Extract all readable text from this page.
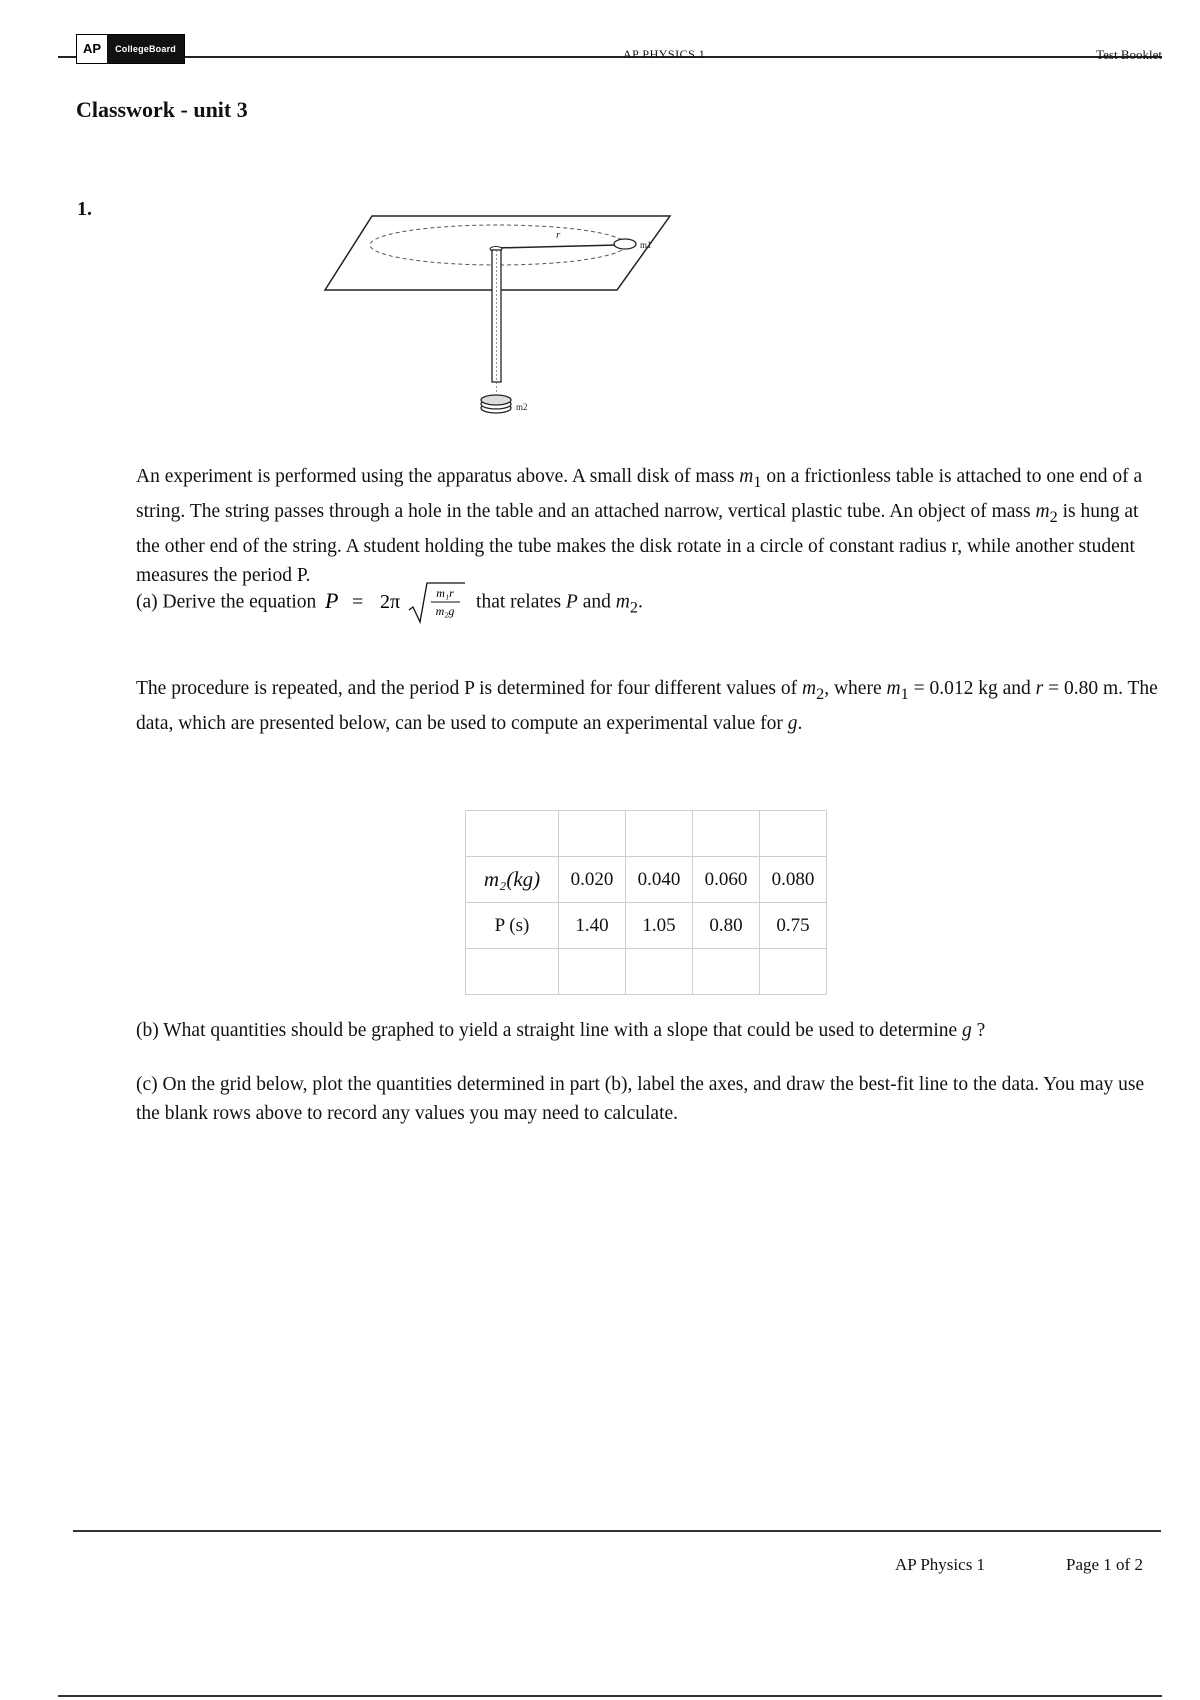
AP	CollegeBoard	AP PHYSICS 1	Test Booklet
Classwork - unit 3
1.
r
m1
m2

An experiment is performed using the apparatus above. A small disk of mass $m_1$ on a frictionless table is attached to one end of a string. The string passes through a hole in the table and an attached narrow, vertical plastic tube. An object of mass $m_2$ is hung at the other end of the string. A student holding the tube makes the disk rotate in a circle of constant radius r, while another student measures the period P.

(a) Derive the equation P = 2π	m₁r
m₂g that relates P and $m_2$.

The procedure is repeated, and the period P is determined for four different values of $m_2$, where $m_1 = 0.012$ kg and r = 0.80 m. The data, which are presented below, can be used to compute an experimental value for g.

m₂(kg)	0.020	0.040	0.060	0.080
P (s)	1.40	1.05	0.80	0.75

(b) What quantities should be graphed to yield a straight line with a slope that could be used to determine g ?

(c) On the grid below, plot the quantities determined in part (b), label the axes, and draw the best-fit line to the data. You may use the blank rows above to record any values you may need to calculate.

AP Physics 1	Page 1 of 2
